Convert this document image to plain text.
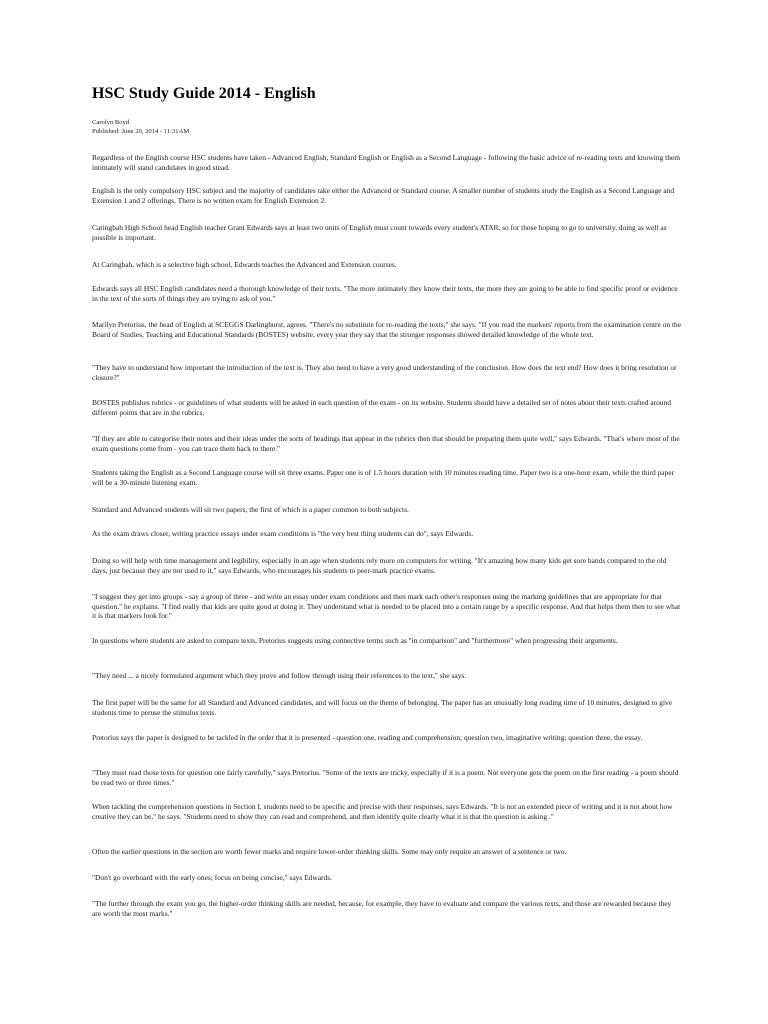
HSC Study Guide 2014 - English
Carolyn Boyd
Published: June 20, 2014 - 11:31AM

Regardless of the English course HSC students have taken - Advanced English, Standard English or English as a Second Language - following the basic advice of re-reading texts and knowing them intimately will stand candidates in good stead.

English is the only compulsory HSC subject and the majority of candidates take either the Advanced or Standard course. A smaller number of students study the English as a Second Language and Extension 1 and 2 offerings. There is no written exam for English Extension 2.

Caringbah High School head English teacher Grant Edwards says at least two units of English must count towards every student's ATAR, so for those hoping to go to university, doing as well as possible is important.

At Caringbah, which is a selective high school, Edwards teaches the Advanced and Extension courses.

Edwards says all HSC English candidates need a thorough knowledge of their texts. "The more intimately they know their texts, the more they are going to be able to find specific proof or evidence in the text of the sorts of things they are trying to ask of you."

Marilyn Pretorius, the head of English at SCEGGS Darlinghurst, agrees. "There's no substitute for re-reading the texts," she says. "If you read the markers' reports from the examination centre on the Board of Studies, Teaching and Educational Standards (BOSTES) website, every year they say that the stronger responses showed detailed knowledge of the whole text.

"They have to understand how important the introduction of the text is. They also need to have a very good understanding of the conclusion. How does the text end? How does it bring resolution or closure?"

BOSTES publishes rubrics - or guidelines of what students will be asked in each question of the exam - on its website. Students should have a detailed set of notes about their texts crafted around different points that are in the rubrics.

"If they are able to categorise their notes and their ideas under the sorts of headings that appear in the rubrics then that should be preparing them quite well," says Edwards. "That's where most of the exam questions come from - you can trace them back to there."

Students taking the English as a Second Language course will sit three exams. Paper one is of 1.5 hours duration with 10 minutes reading time. Paper two is a one-hour exam, while the third paper will be a 30-minute listening exam.

Standard and Advanced students will sit two papers, the first of which is a paper common to both subjects.

As the exam draws closer, writing practice essays under exam conditions is "the very best thing students can do", says Edwards.

Doing so will help with time management and legibility, especially in an age when students rely more on computers for writing. "It's amazing how many kids get sore hands compared to the old days, just because they are not used to it," says Edwards, who encourages his students to peer-mark practice exams.

"I suggest they get into groups - say a group of three - and write an essay under exam conditions and then mark each other's responses using the marking guidelines that are appropriate for that question," he explains. "I find really that kids are quite good at doing it. They understand what is needed to be placed into a certain range by a specific response. And that helps them then to see what it is that markers look for."

In questions where students are asked to compare texts, Pretorius suggests using connective terms such as "in comparison" and "furthermore" when progressing their arguments.

"They need ... a nicely formulated argument which they prove and follow through using their references to the text," she says.

The first paper will be the same for all Standard and Advanced candidates, and will focus on the theme of belonging. The paper has an unusually long reading time of 10 minutes, designed to give students time to peruse the stimulus texts.

Pretorius says the paper is designed to be tackled in the order that it is presented - question one, reading and comprehension; question two, imaginative writing; question three, the essay.

"They must read those texts for question one fairly carefully," says Pretorius. "Some of the texts are tricky, especially if it is a poem. Not everyone gets the poem on the first reading - a poem should be read two or three times."

When tackling the comprehension questions in Section I, students need to be specific and precise with their responses, says Edwards. "It is not an extended piece of writing and it is not about how creative they can be," he says. "Students need to show they can read and comprehend, and then identify quite clearly what it is that the question is asking ."

Often the earlier questions in the section are worth fewer marks and require lower-order thinking skills. Some may only require an answer of a sentence or two.

"Don't go overboard with the early ones; focus on being concise," says Edwards.

"The further through the exam you go, the higher-order thinking skills are needed, because, for example, they have to evaluate and compare the various texts, and those are rewarded because they are worth the most marks."
